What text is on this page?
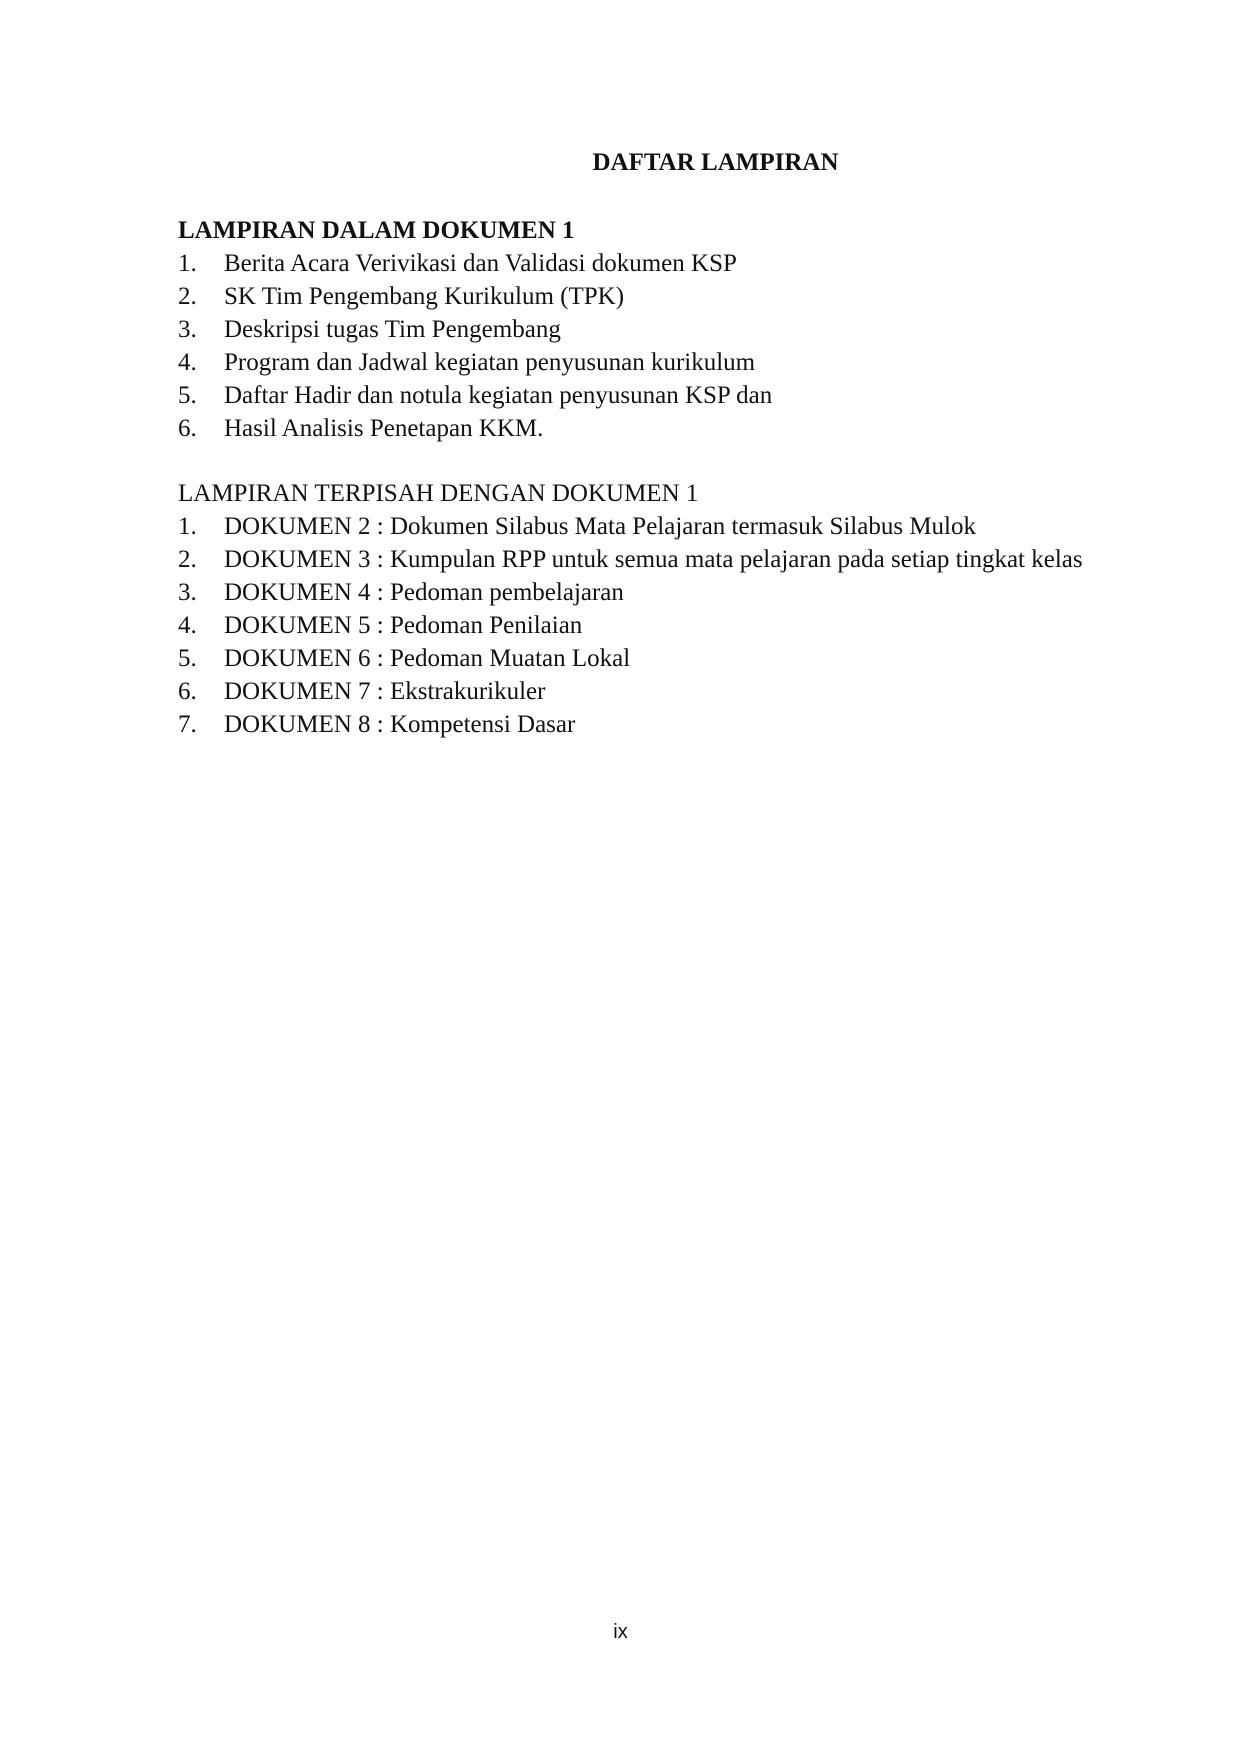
DAFTAR LAMPIRAN
LAMPIRAN DALAM DOKUMEN 1
1.	Berita Acara Verivikasi dan Validasi dokumen KSP
2.	SK Tim Pengembang Kurikulum (TPK)
3.	Deskripsi tugas Tim Pengembang
4.	Program dan Jadwal kegiatan penyusunan kurikulum
5.	Daftar Hadir dan notula kegiatan penyusunan KSP dan
6.	Hasil Analisis Penetapan KKM.
LAMPIRAN TERPISAH DENGAN DOKUMEN 1
1.	DOKUMEN 2 : Dokumen Silabus Mata Pelajaran termasuk Silabus Mulok
2.	DOKUMEN 3 : Kumpulan RPP untuk semua mata pelajaran pada setiap tingkat kelas
3.	DOKUMEN 4 : Pedoman pembelajaran
4.	DOKUMEN 5 : Pedoman Penilaian
5.	DOKUMEN 6 : Pedoman Muatan Lokal
6.	DOKUMEN 7 : Ekstrakurikuler
7.	DOKUMEN 8 : Kompetensi Dasar
ix
